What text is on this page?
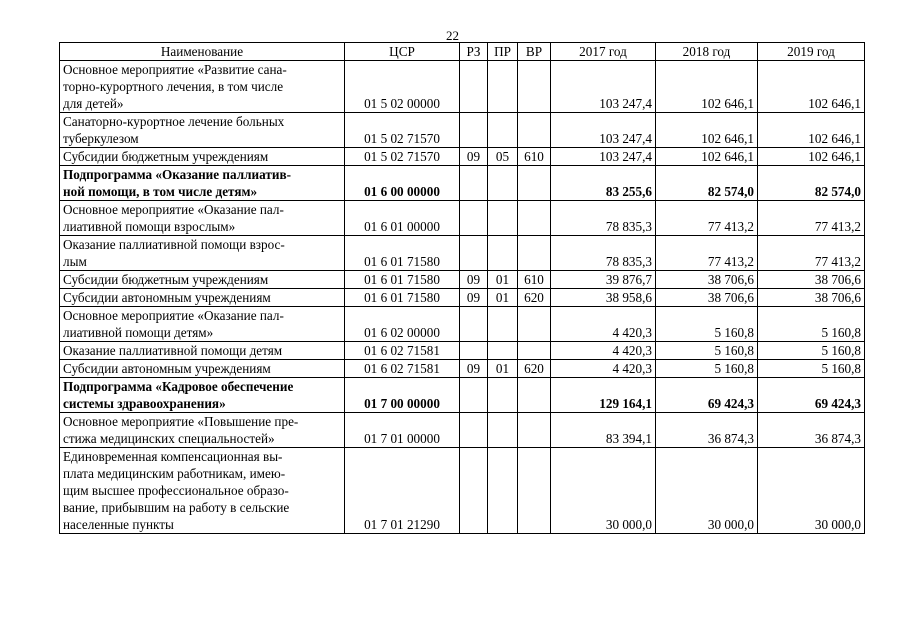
22
Наименование	ЦСР	РЗ	ПР	ВР	2017 год	2018 год	2019 год

Основное мероприятие «Развитие сана-
торно-курортного лечения, в том числе
для детей»	01 5 02 00000				103 247,4	102 646,1	102 646,1

Санаторно-курортное лечение больных
туберкулезом	01 5 02 71570				103 247,4	102 646,1	102 646,1

Субсидии бюджетным учреждениям	01 5 02 71570	09	05	610	103 247,4	102 646,1	102 646,1

Подпрограмма «Оказание паллиатив-
ной помощи, в том числе детям»	01 6 00 00000				83 255,6	82 574,0	82 574,0

Основное мероприятие «Оказание пал-
лиативной помощи взрослым»	01 6 01 00000				78 835,3	77 413,2	77 413,2

Оказание паллиативной помощи взрос-
лым	01 6 01 71580				78 835,3	77 413,2	77 413,2

Субсидии бюджетным учреждениям	01 6 01 71580	09	01	610	39 876,7	38 706,6	38 706,6

Субсидии автономным учреждениям	01 6 01 71580	09	01	620	38 958,6	38 706,6	38 706,6

Основное мероприятие «Оказание пал-
лиативной помощи детям»	01 6 02 00000				4 420,3	5 160,8	5 160,8

Оказание паллиативной помощи детям	01 6 02 71581				4 420,3	5 160,8	5 160,8

Субсидии автономным учреждениям	01 6 02 71581	09	01	620	4 420,3	5 160,8	5 160,8

Подпрограмма «Кадровое обеспечение
системы здравоохранения»	01 7 00 00000				129 164,1	69 424,3	69 424,3

Основное мероприятие «Повышение пре-
стижа медицинских специальностей»	01 7 01 00000				83 394,1	36 874,3	36 874,3

Единовременная компенсационная вы-
плата медицинским работникам, имею-
щим высшее профессиональное образо-
вание, прибывшим на работу в сельские
населенные пункты	01 7 01 21290				30 000,0	30 000,0	30 000,0
